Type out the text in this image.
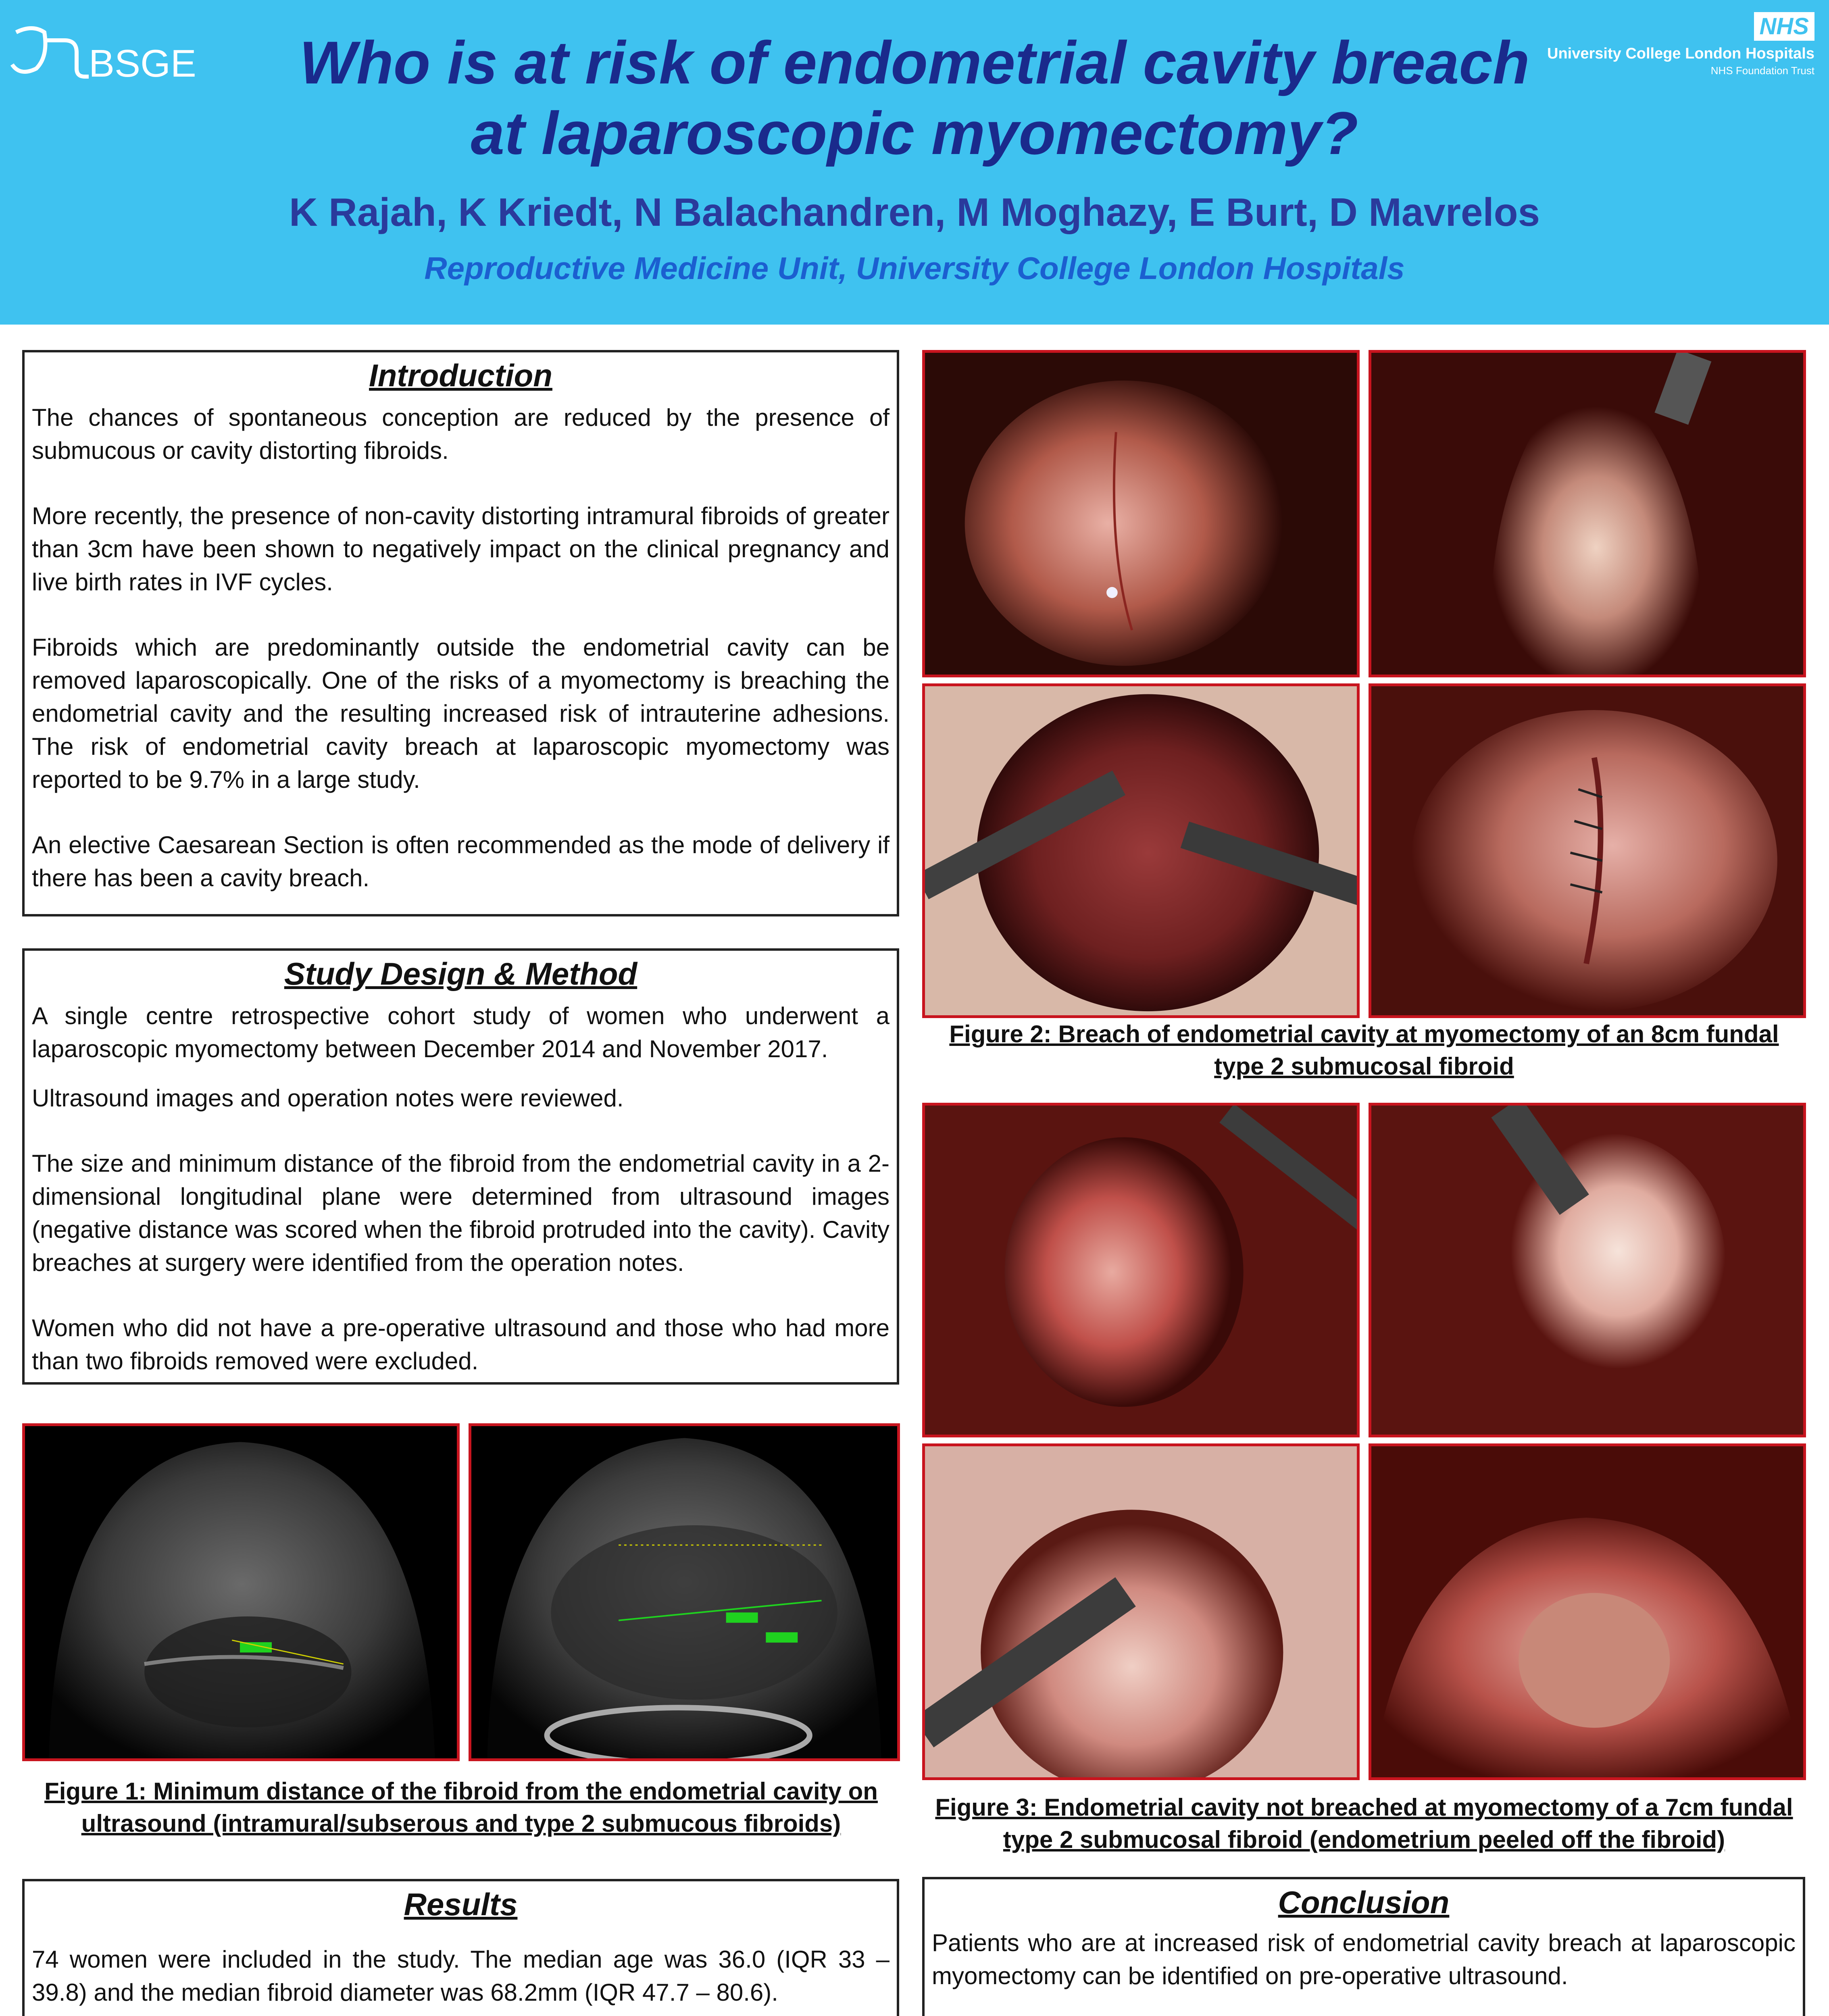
BSGE
NHS
University College London Hospitals
NHS Foundation Trust
Who is at risk of endometrial cavity breach
at laparoscopic myomectomy?
K Rajah, K Kriedt, N Balachandren, M Moghazy, E Burt, D Mavrelos
Reproductive Medicine Unit, University College London Hospitals
Introduction

The chances of spontaneous conception are reduced by the presence of submucous or cavity distorting fibroids.

More recently, the presence of non-cavity distorting intramural fibroids of greater than 3cm have been shown to negatively impact on the clinical pregnancy and live birth rates in IVF cycles.

Fibroids which are predominantly outside the endometrial cavity can be removed laparoscopically. One of the risks of a myomectomy is breaching the endometrial cavity and the resulting increased risk of intrauterine adhesions. The risk of endometrial cavity breach at laparoscopic myomectomy was reported to be 9.7% in a large study.

An elective Caesarean Section is often recommended as the mode of delivery if there has been a cavity breach.

Study Design & Method

A single centre retrospective cohort study of women who underwent a laparoscopic myomectomy between December 2014 and November 2017.

Ultrasound images and operation notes were reviewed.

The size and minimum distance of the fibroid from the endometrial cavity in a 2-dimensional longitudinal plane were determined from ultrasound images (negative distance was scored when the fibroid protruded into the cavity). Cavity breaches at surgery were identified from the operation notes.

Women who did not have a pre-operative ultrasound and those who had more than two fibroids removed were excluded.

Figure 1: Minimum distance of the fibroid from the endometrial cavity on ultrasound (intramural/subserous and type 2 submucous fibroids)
Results

74 women were included in the study. The median age was 36.0 (IQR 33 – 39.8) and the median fibroid diameter was 68.2mm (IQR 47.7 – 80.6).

Figure 2: Breach of endometrial cavity at myomectomy of an 8cm fundal type 2 submucosal fibroid
Figure 3: Endometrial cavity not breached at myomectomy of a 7cm fundal type 2 submucosal fibroid (endometrium peeled off the fibroid)
Conclusion

Patients who are at increased risk of endometrial cavity breach at laparoscopic myomectomy can be identified on pre-operative ultrasound.
